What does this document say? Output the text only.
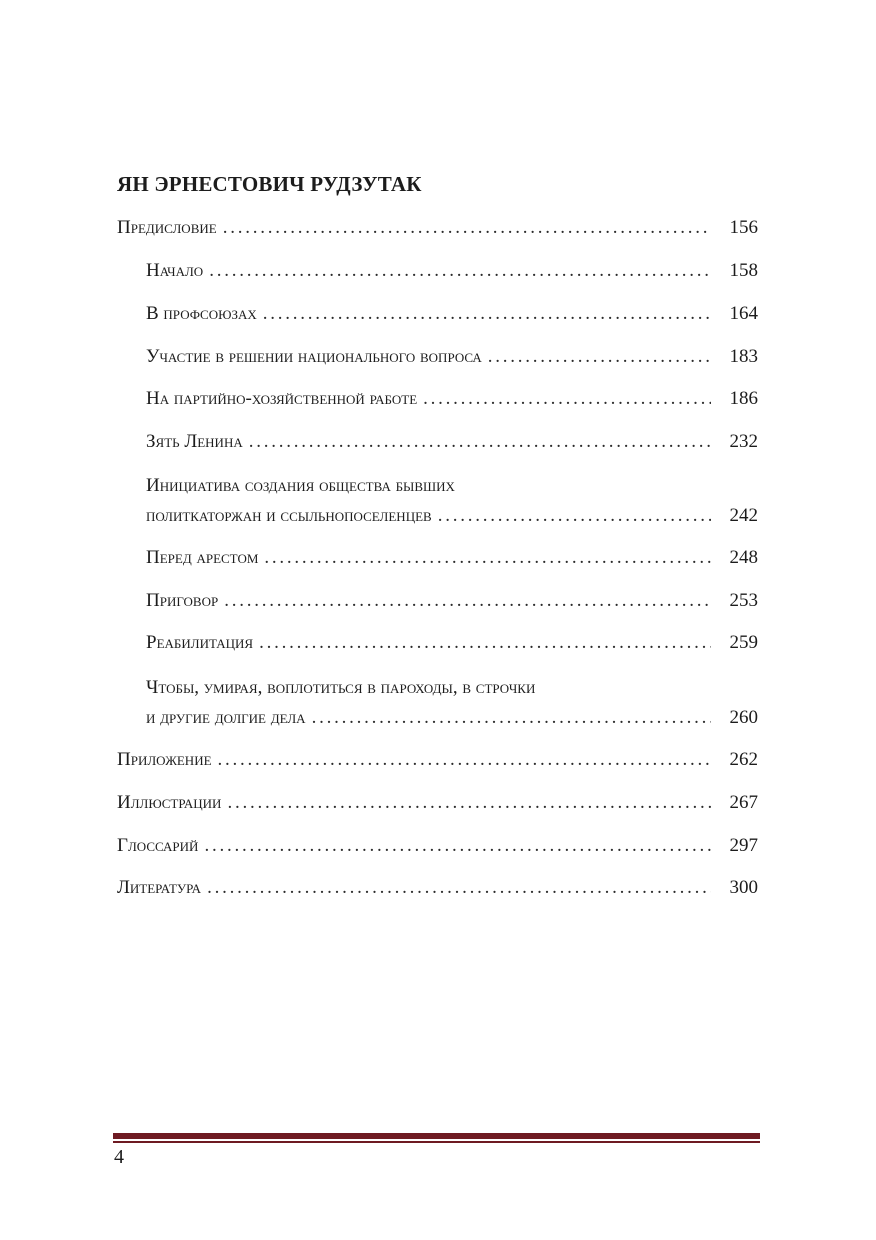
ЯН ЭРНЕСТОВИЧ РУДЗУТАК
Предисловие . . .	156
Начало . . .	158
В профсоюзах . . .	164
Участие в решении национального вопроса . . .	183
На партийно-хозяйственной работе . . .	186
Зять Ленина . . .	232
Инициатива создания общества бывших
политкаторжан и ссыльнопоселенцев . . .	242
Перед арестом . . .	248
Приговор . . .	253
Реабилитация . . .	259
Чтобы, умирая, воплотиться в пароходы, в строчки
и другие долгие дела . . .	260
Приложение . . .	262
Иллюстрации . . .	267
Глоссарий . . .	297
Литература . . .	300
4
